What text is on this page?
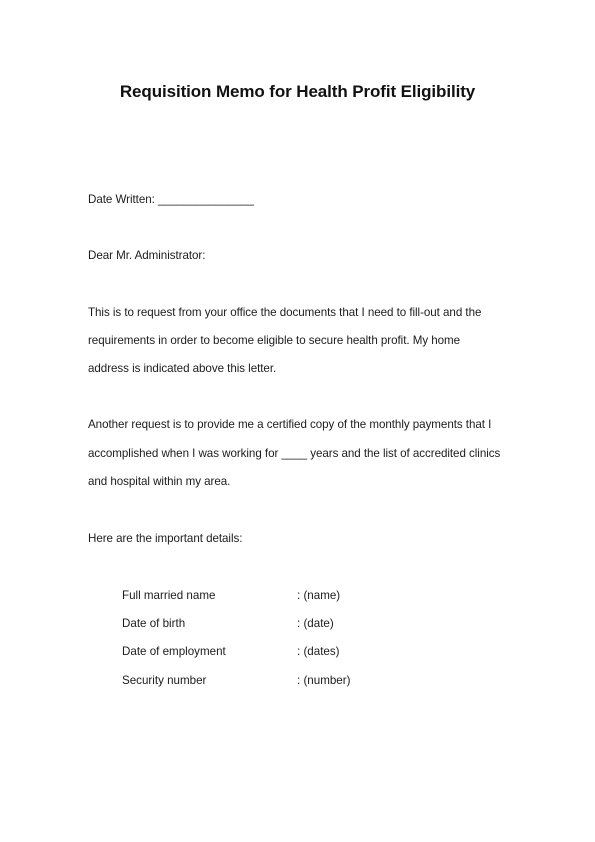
Requisition Memo for Health Profit Eligibility
Date Written: _______________
Dear Mr. Administrator:
This is to request from your office the documents that I need to fill-out and the
requirements in order to become eligible to secure health profit. My home
address is indicated above this letter.
Another request is to provide me a certified copy of the monthly payments that I
accomplished when I was working for ____ years and the list of accredited clinics
and hospital within my area.
Here are the important details:
Full married name	: (name)
Date of birth	: (date)
Date of employment	: (dates)
Security number	: (number)
